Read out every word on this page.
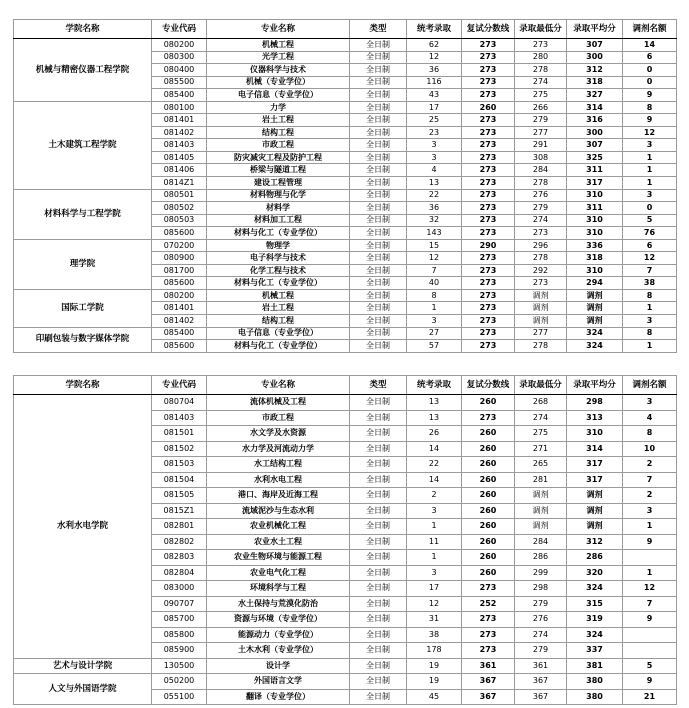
学院名称	专业代码	专业名称	类型	统考录取	复试分数线	录取最低分	录取平均分	调剂名额
机械与精密仪器工程学院	080200	机械工程	全日制	62	273	273	307	14
	080300	光学工程	全日制	12	273	280	300	6
	080400	仪器科学与技术	全日制	36	273	278	312	0
	085500	机械（专业学位）	全日制	116	273	274	318	0
	085400	电子信息（专业学位）	全日制	43	273	275	327	9
土木建筑工程学院	080100	力学	全日制	17	260	266	314	8
	081401	岩土工程	全日制	25	273	279	316	9
	081402	结构工程	全日制	23	273	277	300	12
	081403	市政工程	全日制	3	273	291	307	3
	081405	防灾减灾工程及防护工程	全日制	3	273	308	325	1
	081406	桥梁与隧道工程	全日制	4	273	284	311	1
	0814Z1	建设工程管理	全日制	13	273	278	317	1
材料科学与工程学院	080501	材料物理与化学	全日制	22	273	276	310	3
	080502	材料学	全日制	36	273	279	311	0
	080503	材料加工工程	全日制	32	273	274	310	5
	085600	材料与化工（专业学位）	全日制	143	273	273	310	76
理学院	070200	物理学	全日制	15	290	296	336	6
	080900	电子科学与技术	全日制	12	273	278	318	12
	081700	化学工程与技术	全日制	7	273	292	310	7
	085600	材料与化工（专业学位）	全日制	40	273	273	294	38
国际工学院	080200	机械工程	全日制	8	273	调剂	调剂	8
	081401	岩土工程	全日制	1	273	调剂	调剂	1
	081402	结构工程	全日制	3	273	调剂	调剂	3
印刷包装与数字媒体学院	085400	电子信息（专业学位）	全日制	27	273	277	324	8
	085600	材料与化工（专业学位）	全日制	57	273	278	324	1
学院名称	专业代码	专业名称	类型	统考录取	复试分数线	录取最低分	录取平均分	调剂名额
水利水电学院	080704	流体机械及工程	全日制	13	260	268	298	3
	081403	市政工程	全日制	13	273	274	313	4
	081501	水文学及水资源	全日制	26	260	275	310	8
	081502	水力学及河流动力学	全日制	14	260	271	314	10
	081503	水工结构工程	全日制	22	260	265	317	2
	081504	水利水电工程	全日制	14	260	281	317	7
	081505	港口、海岸及近海工程	全日制	2	260	调剂	调剂	2
	0815Z1	流域泥沙与生态水利	全日制	3	260	调剂	调剂	3
	082801	农业机械化工程	全日制	1	260	调剂	调剂	1
	082802	农业水土工程	全日制	11	260	284	312	9
	082803	农业生物环境与能源工程	全日制	1	260	286	286	
	082804	农业电气化工程	全日制	3	260	299	320	1
	083000	环境科学与工程	全日制	17	273	298	324	12
	090707	水土保持与荒漠化防治	全日制	12	252	279	315	7
	085700	资源与环境（专业学位）	全日制	31	273	276	319	9
	085800	能源动力（专业学位）	全日制	38	273	274	324	
	085900	土木水利（专业学位）	全日制	178	273	279	337	
艺术与设计学院	130500	设计学	全日制	19	361	361	381	5
人文与外国语学院	050200	外国语言文学	全日制	19	367	367	380	9
	055100	翻译（专业学位）	全日制	45	367	367	380	21
